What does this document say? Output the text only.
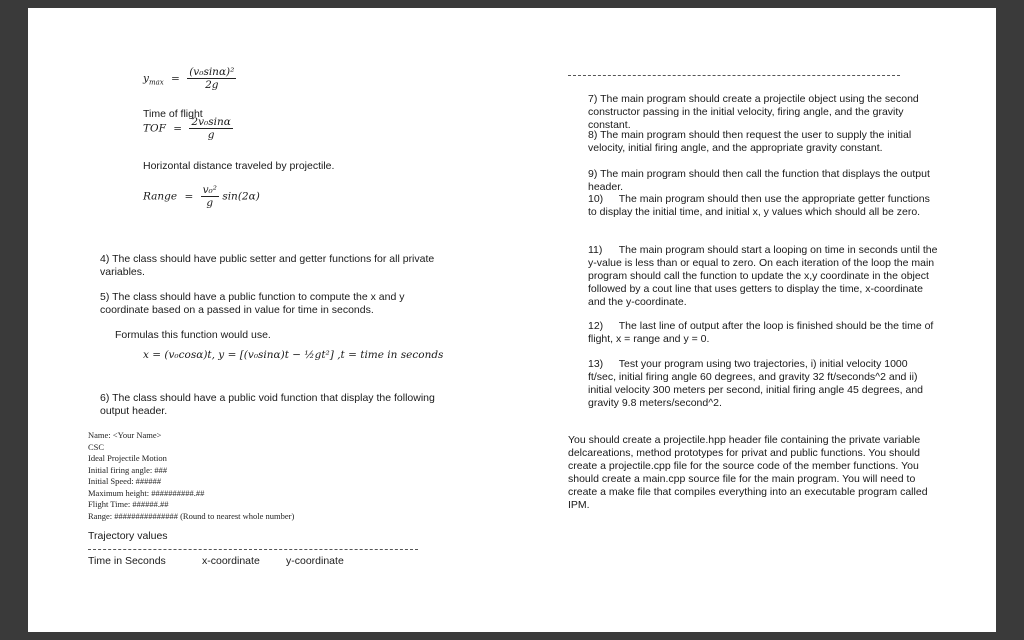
$y_{max} = \frac{\text{(v₀sinα)²}}{2g}$
Time of flight
TOF = $\frac{\text{2v₀sinα}}{g}$
Horizontal distance traveled by projectile.
Range = $\frac{\text{v₀²}}{g} \sin(2\alpha)$
4) The class should have public setter and getter functions for all private variables.
5) The class should have a public function to compute the x and y coordinate based on a passed in value for time in seconds.
Formulas this function would use.
x = (v₀cosα)t, y = [(v₀sinα)t − ½gt²] ,t = time in seconds
6) The class should have a public void function that display the following output header.
Name: <Your Name>
CSC
Ideal Projectile Motion
Initial firing angle: ###
Initial Speed: ######
Maximum height: ##########.##
Flight Time: ######.##
Range: ############### (Round to nearest whole number)
Trajectory values
Time in Seconds	x-coordinate y-coordinate
7) The main program should create a projectile object using the second constructor passing in the initial velocity, firing angle, and the gravity constant.
8) The main program should then request the user to supply the initial velocity, initial firing angle, and the appropriate gravity constant.
9) The main program should then call the function that displays the output header.
10) The main program should then use the appropriate getter functions to display the initial time, and initial x, y values which should all be zero.
11) The main program should start a looping on time in seconds until the y-value is less than or equal to zero. On each iteration of the loop the main program should call the function to update the x,y coordinate in the object followed by a cout line that uses getters to display the time, x-coordinate and the y-coordinate.
12) The last line of output after the loop is finished should be the time of flight, x = range and y = 0.
13) Test your program using two trajectories, i) initial velocity 1000 ft/sec, initial firing angle 60 degrees, and gravity 32 ft/seconds^2 and ii) initial velocity 300 meters per second, initial firing angle 45 degrees, and gravity 9.8 meters/second^2.
You should create a projectile.hpp header file containing the private variable delcareations, method prototypes for privat and public functions. You should create a projectile.cpp file for the source code of the member functions. You should create a main.cpp source file for the main program. You will need to create a make file that compiles everything into an executable program called IPM.
